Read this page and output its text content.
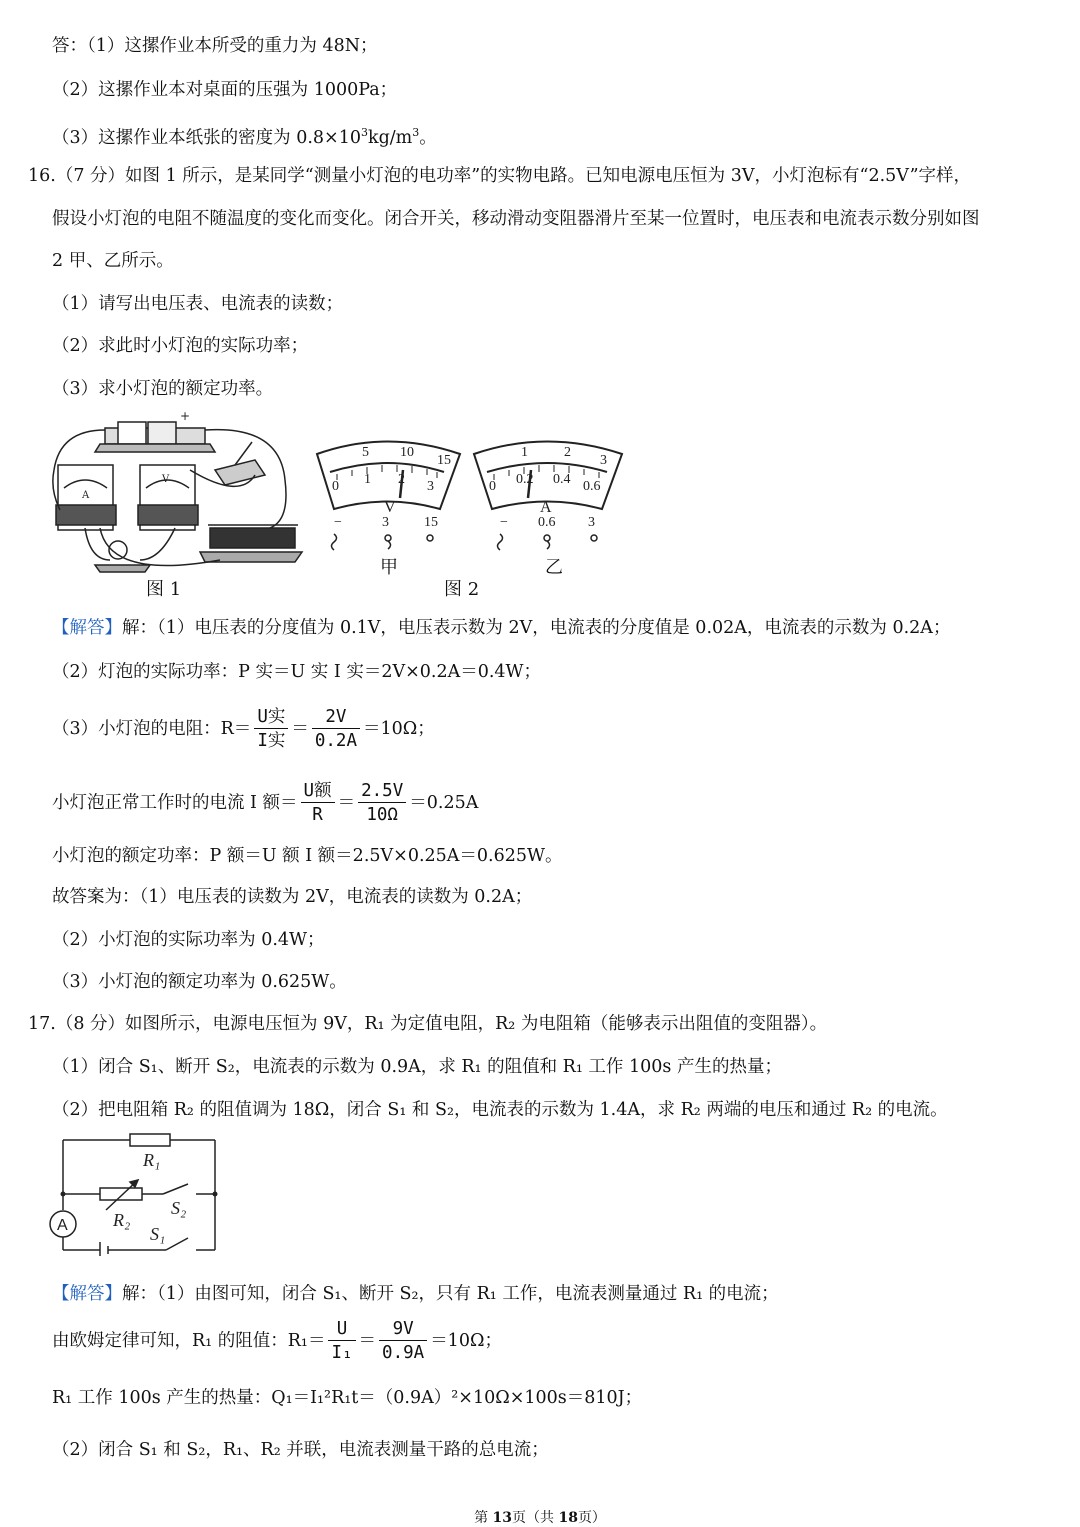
答：（1）这摞作业本所受的重力为 48N；
（2）这摞作业本对桌面的压强为 1000Pa；
（3）这摞作业本纸张的密度为 $0.8\times 10^3kg/m^3$。
16.（7 分）如图 1 所示，是某同学“测量小灯泡的电功率”的实物电路。已知电源电压恒为 3V，小灯泡标有“2.5V”字样，
假设小灯泡的电阻不随温度的变化而变化。闭合开关，移动滑动变阻器滑片至某一位置时，电压表和电流表示数分别如图
2 甲、乙所示。
（1）请写出电压表、电流表的读数；
（2）求此时小灯泡的实际功率；
（3）求小灯泡的额定功率。
+
V
A
图 1
5 10
15
0 1 2 3
V
−	3	15
1	2
3
0 0.2 0.4 0.6
A
− 0.6 3
甲
图 2
乙
【解答】解：（1）电压表的分度值为 0.1V，电压表示数为 2V，电流表的分度值是 0.02A，电流表的示数为 0.2A；
（2）灯泡的实际功率：P 实＝U 实 I 实＝2V×0.2A＝0.4W；
（3）小灯泡的电阻：$R= \frac{\text{U实}}{\text{I实}} = \frac{2V}{0.2A} =10\Omega$；
小灯泡正常工作时的电流 I 额＝ $\frac{\text{U额}}{R} = \frac{2.5V}{10\Omega} =0.25A$
小灯泡的额定功率：P 额＝U 额 I 额＝2.5V×0.25A＝0.625W。
故答案为：（1）电压表的读数为 2V，电流表的读数为 0.2A；
（2）小灯泡的实际功率为 0.4W；
（3）小灯泡的额定功率为 0.625W。
17.（8 分）如图所示，电源电压恒为 9V，R₁ 为定值电阻，R₂ 为电阻箱（能够表示出阻值的变阻器）。
（1）闭合 S₁、断开 S₂，电流表的示数为 0.9A，求 R₁ 的阻值和 R₁ 工作 100s 产生的热量；
（2）把电阻箱 R₂ 的阻值调为 18Ω，闭合 S₁ 和 S₂，电流表的示数为 1.4A，求 R₂ 两端的电压和通过 R₂ 的电流。
R₁
R₂
S₂
S₁
A
【解答】解：（1）由图可知，闭合 S₁、断开 S₂，只有 R₁ 工作，电流表测量通过 R₁ 的电流；
由欧姆定律可知，R₁ 的阻值：$R_1= \frac{U}{\text{I₁}} = \frac{9V}{0.9A} =10\Omega$；
R₁ 工作 100s 产生的热量：Q₁＝I₁²R₁t＝（0.9A）²×10Ω×100s＝810J；
（2）闭合 S₁ 和 S₂，R₁、R₂ 并联，电流表测量干路的总电流；
第 13页（共 18页）
